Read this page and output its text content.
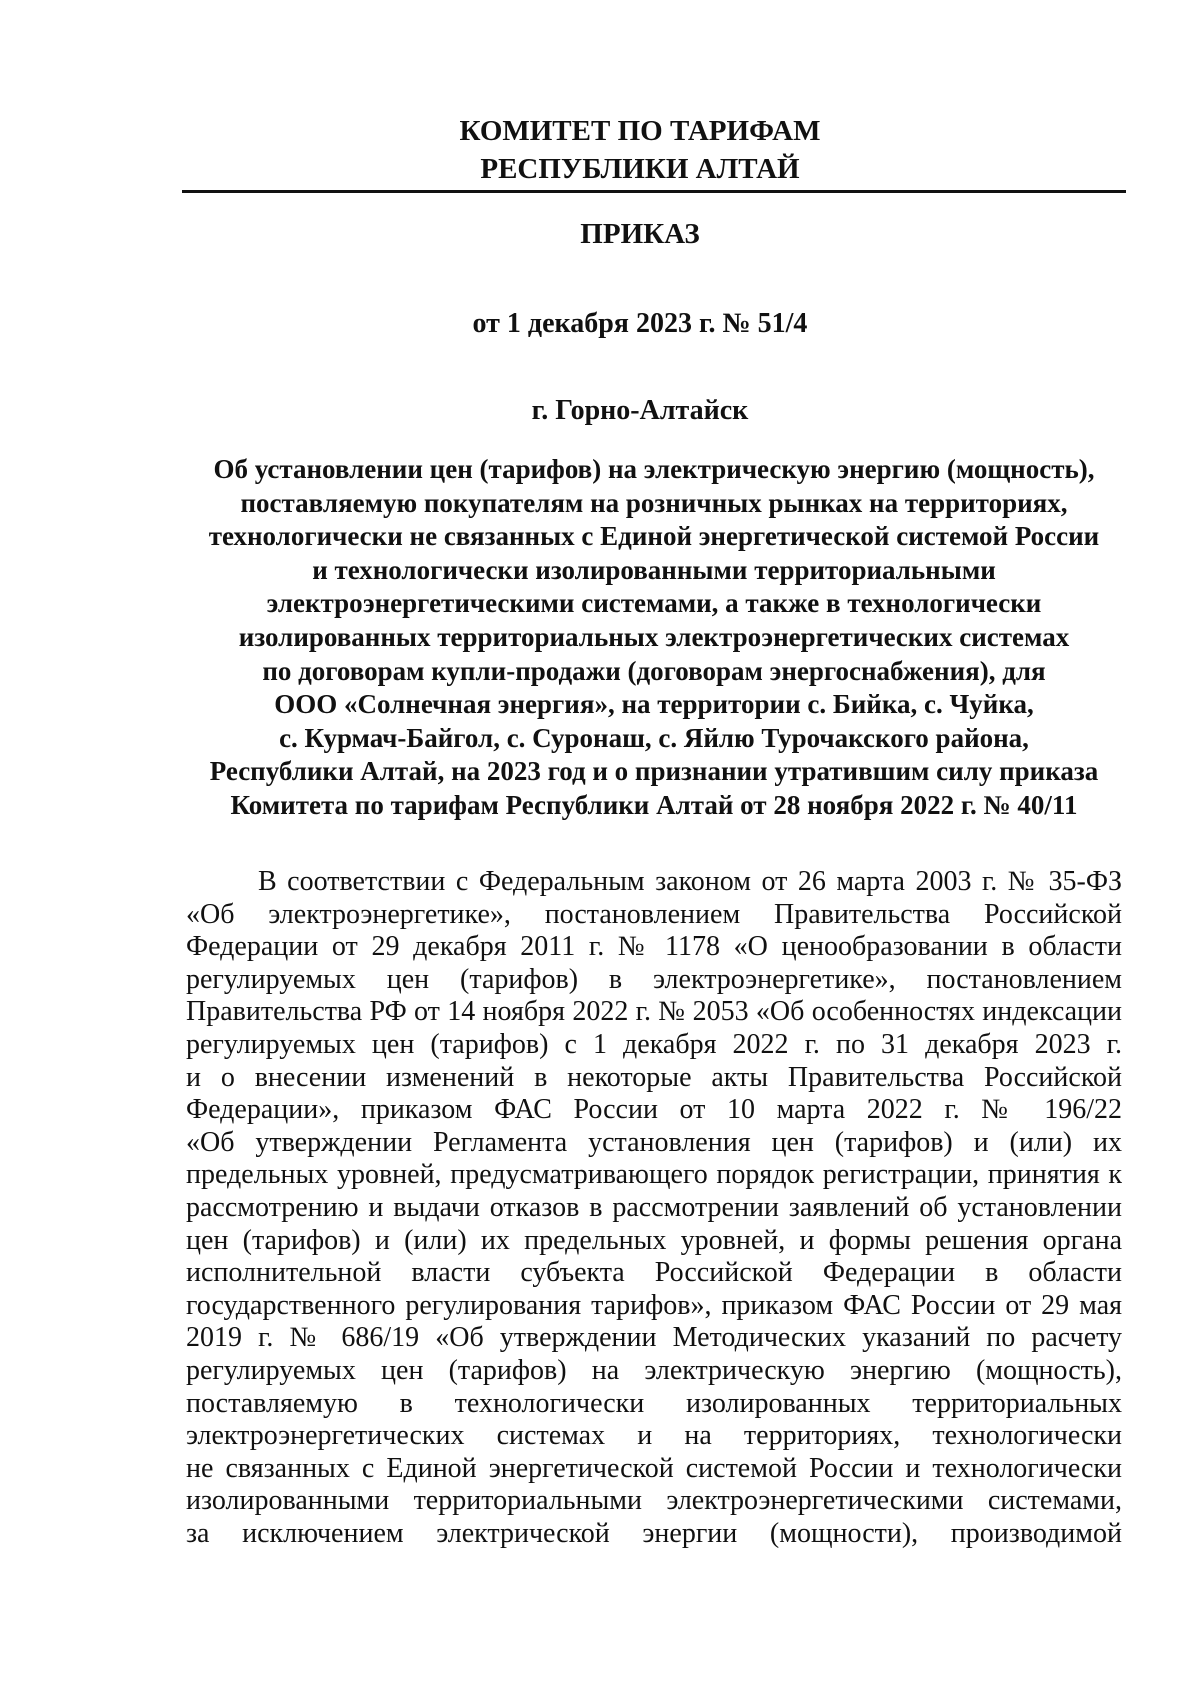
КОМИТЕТ ПО ТАРИФАМ
РЕСПУБЛИКИ АЛТАЙ
ПРИКАЗ
от 1 декабря 2023 г. № 51/4
г. Горно-Алтайск
Об установлении цен (тарифов) на электрическую энергию (мощность),
поставляемую покупателям на розничных рынках на территориях,
технологически не связанных с Единой энергетической системой России
и технологически изолированными территориальными
электроэнергетическими системами, а также в технологически
изолированных территориальных электроэнергетических системах
по договорам купли-продажи (договорам энергоснабжения), для
ООО «Солнечная энергия», на территории с. Бийка, с. Чуйка,
с. Курмач-Байгол, с. Суронаш, с. Яйлю Турочакского района,
Республики Алтай, на 2023 год и о признании утратившим силу приказа
Комитета по тарифам Республики Алтай от 28 ноября 2022 г. № 40/11
В соответствии с Федеральным законом от 26 марта 2003 г. № 35-ФЗ
«Об электроэнергетике», постановлением Правительства Российской
Федерации от 29 декабря 2011 г. № 1178 «О ценообразовании в области
регулируемых цен (тарифов) в электроэнергетике», постановлением
Правительства РФ от 14 ноября 2022 г. № 2053 «Об особенностях индексации
регулируемых цен (тарифов) с 1 декабря 2022 г. по 31 декабря 2023 г.
и о внесении изменений в некоторые акты Правительства Российской
Федерации», приказом ФАС России от 10 марта 2022 г. № 196/22
«Об утверждении Регламента установления цен (тарифов) и (или) их
предельных уровней, предусматривающего порядок регистрации, принятия к
рассмотрению и выдачи отказов в рассмотрении заявлений об установлении
цен (тарифов) и (или) их предельных уровней, и формы решения органа
исполнительной власти субъекта Российской Федерации в области
государственного регулирования тарифов», приказом ФАС России от 29 мая
2019 г. № 686/19 «Об утверждении Методических указаний по расчету
регулируемых цен (тарифов) на электрическую энергию (мощность),
поставляемую в технологически изолированных территориальных
электроэнергетических системах и на территориях, технологически
не связанных с Единой энергетической системой России и технологически
изолированными территориальными электроэнергетическими системами,
за исключением электрической энергии (мощности), производимой
